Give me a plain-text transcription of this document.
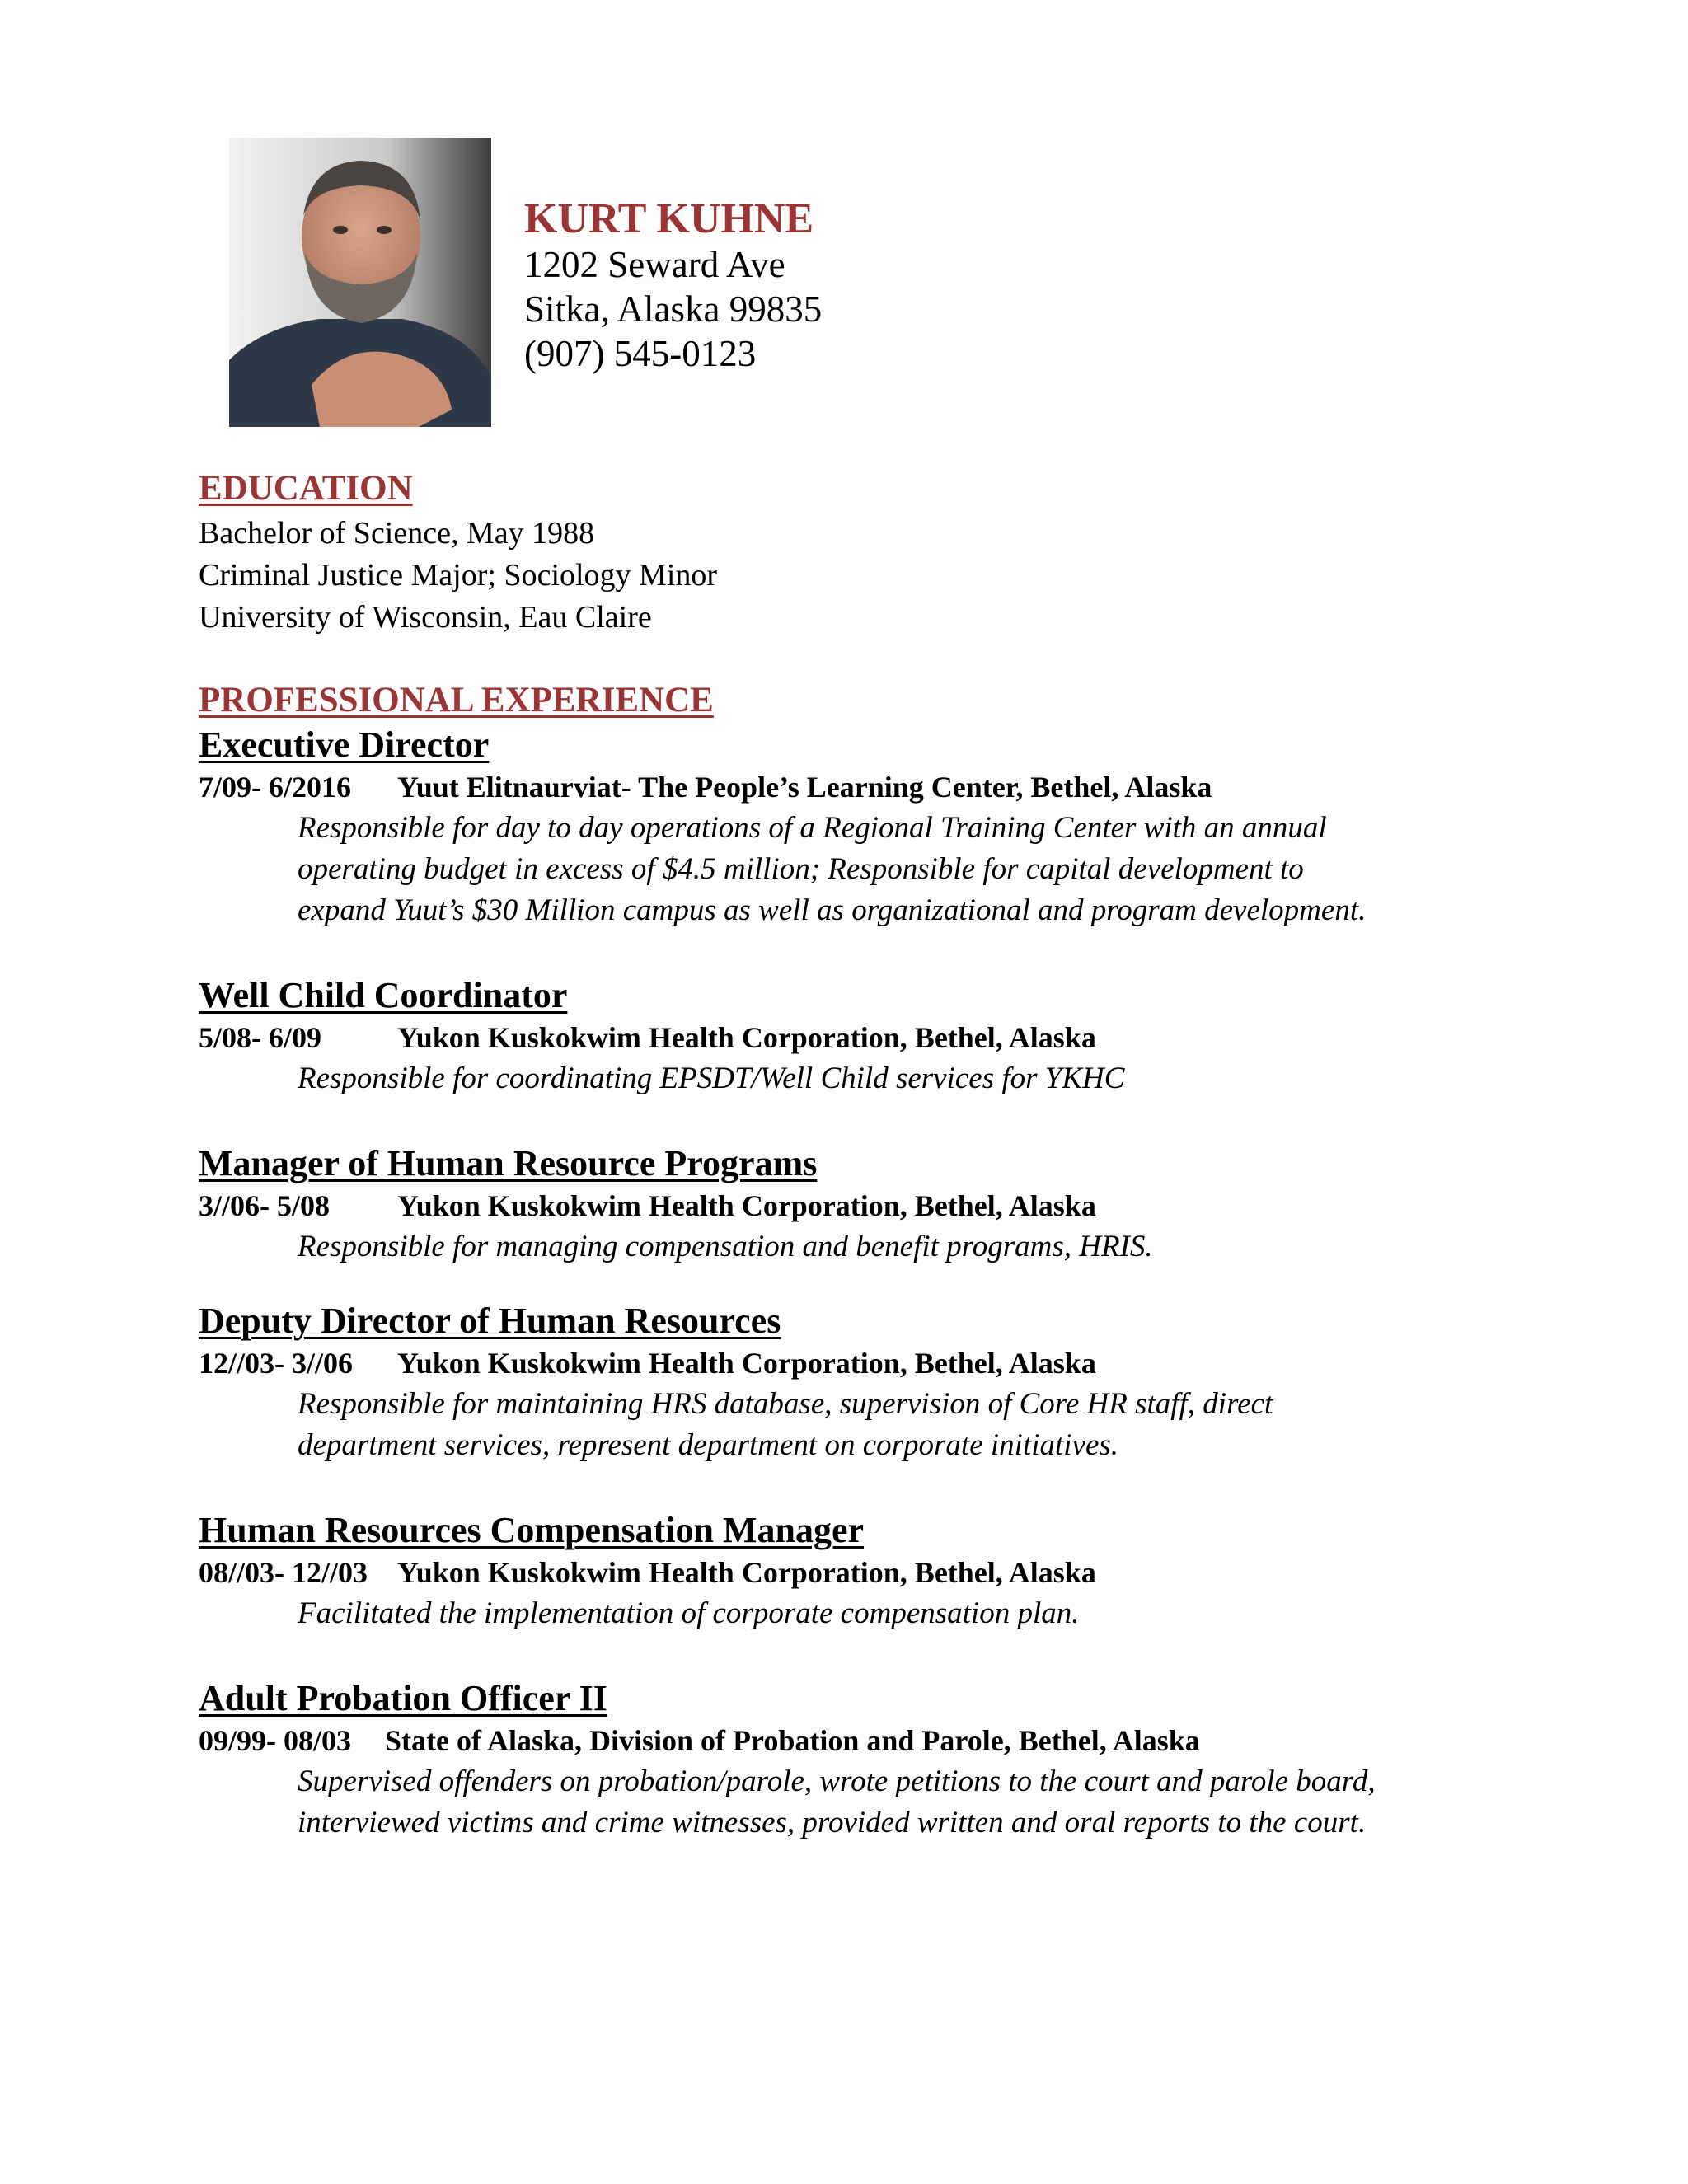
KURT KUHNE

1202 Seward Ave

Sitka, Alaska 99835

(907) 545-0123

EDUCATION

Bachelor of Science, May 1988

Criminal Justice Major; Sociology Minor

University of Wisconsin, Eau Claire

PROFESSIONAL EXPERIENCE

Executive Director

7/09- 6/2016	Yuut Elitnaurviat- The People’s Learning Center, Bethel, Alaska

Responsible for day to day operations of a Regional Training Center with an annual

operating budget in excess of $4.5 million; Responsible for capital development to

expand Yuut’s $30 Million campus as well as organizational and program development.

Well Child Coordinator

5/08- 6/09	Yukon Kuskokwim Health Corporation, Bethel, Alaska

Responsible for coordinating EPSDT/Well Child services for YKHC

Manager of Human Resource Programs

3//06- 5/08	Yukon Kuskokwim Health Corporation, Bethel, Alaska

Responsible for managing compensation and benefit programs, HRIS.

Deputy Director of Human Resources

12//03- 3//06	Yukon Kuskokwim Health Corporation, Bethel, Alaska

Responsible for maintaining HRS database, supervision of Core HR staff, direct

department services, represent department on corporate initiatives.

Human Resources Compensation Manager

08//03- 12//03	Yukon Kuskokwim Health Corporation, Bethel, Alaska

Facilitated the implementation of corporate compensation plan.

Adult Probation Officer II

09/99- 08/03	State of Alaska, Division of Probation and Parole, Bethel, Alaska

Supervised offenders on probation/parole, wrote petitions to the court and parole board,

interviewed victims and crime witnesses, provided written and oral reports to the court.
